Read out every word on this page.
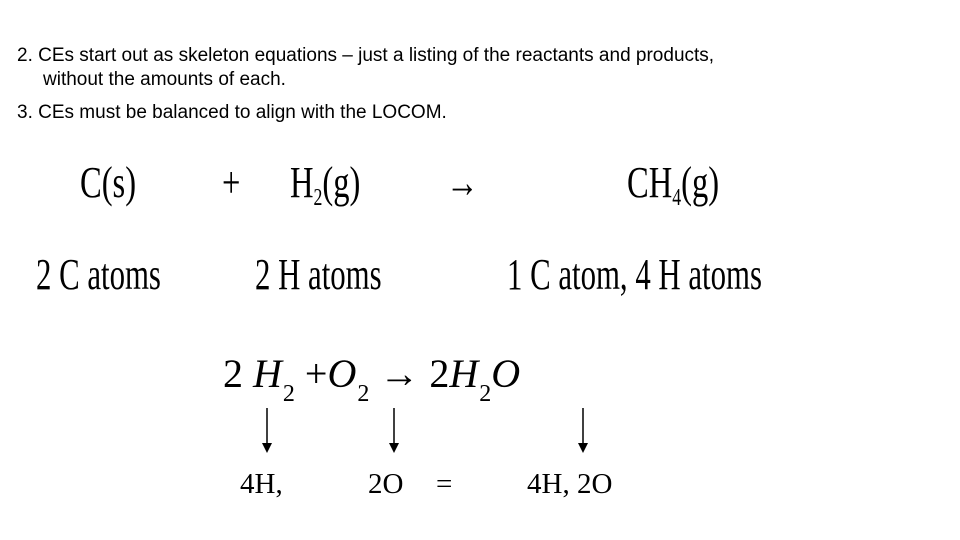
2. CEs start out as skeleton equations – just a listing of the reactants and products,
without the amounts of each.
3. CEs must be balanced to align with the LOCOM.
$C(s) + H_2(g)$ →	$CH_4(g)$
2 C atoms 2 H atoms	1 C atom, 4 H atoms
2 $H_2 +O_2 \to 2H_2O$
4H,	2O =	4H, 2O
